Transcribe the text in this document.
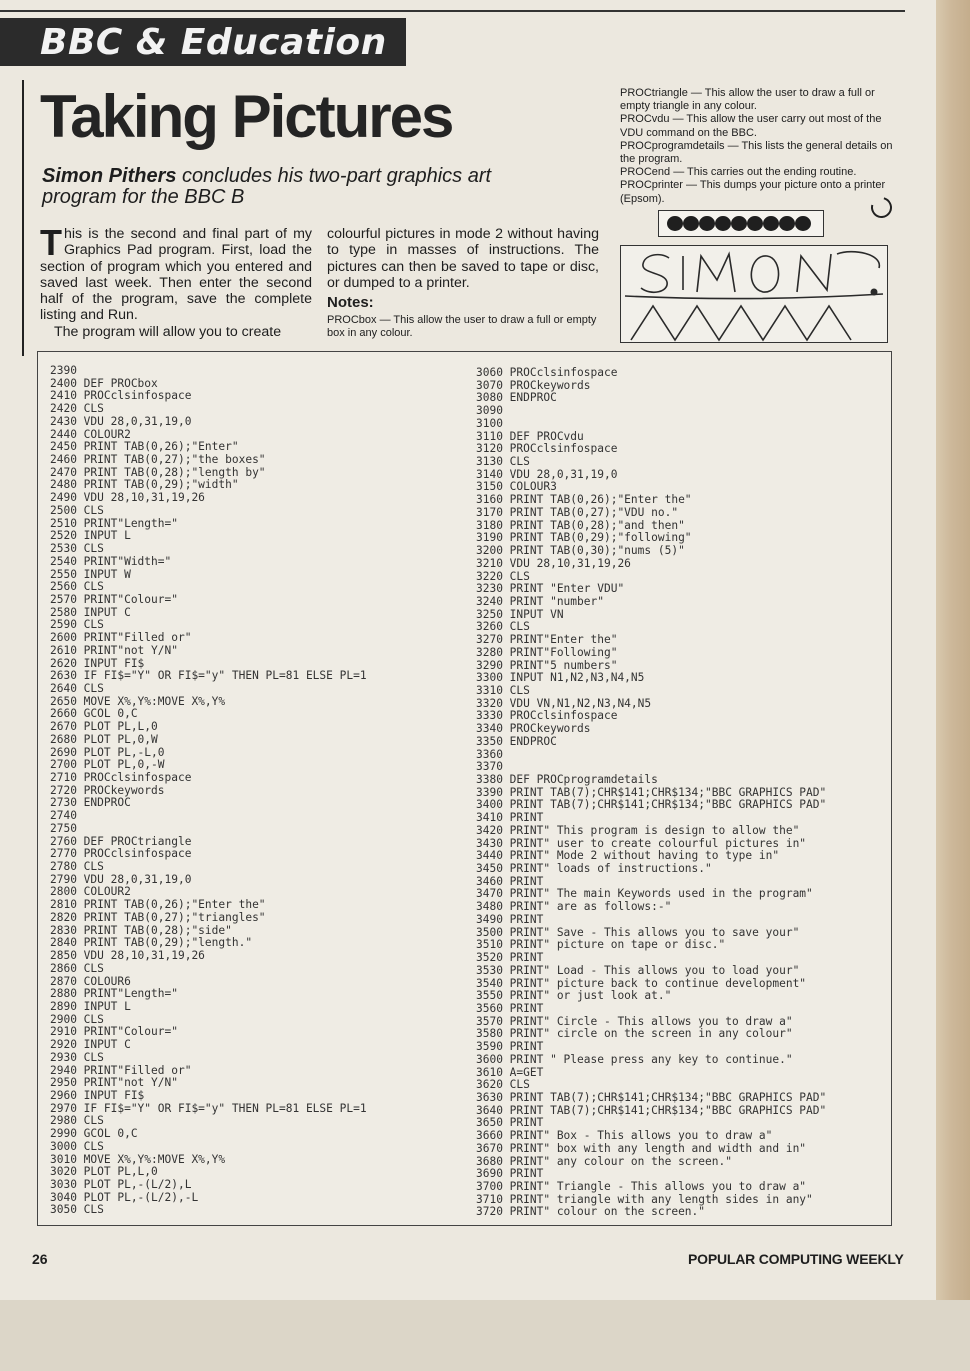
BBC & Education
Taking Pictures
Simon Pithers concludes his two-part graphics art program for the BBC B
This is the second and final part of my Graphics Pad program. First, load the section of program which you entered and saved last week. Then enter the second half of the program, save the complete listing and Run.
The program will allow you to create
colourful pictures in mode 2 without having to type in masses of instructions. The pictures can then be saved to tape or disc, or dumped to a printer.
Notes:
PROCbox — This allow the user to draw a full or empty box in any colour.

PROCtriangle — This allow the user to draw a full or empty triangle in any colour.

PROCvdu — This allow the user carry out most of the VDU command on the BBC.

PROCprogramdetails — This lists the general details on the program.

PROCend — This carries out the ending routine.

PROCprinter — This dumps your picture onto a printer (Epsom).

2390
2400 DEF PROCbox
2410 PROCclsinfospace
2420 CLS
2430 VDU 28,0,31,19,0
2440 COLOUR2
2450 PRINT TAB(0,26);"Enter"
2460 PRINT TAB(0,27);"the boxes"
2470 PRINT TAB(0,28);"length by"
2480 PRINT TAB(0,29);"width"
2490 VDU 28,10,31,19,26
2500 CLS
2510 PRINT"Length="
2520 INPUT L
2530 CLS
2540 PRINT"Width="
2550 INPUT W
2560 CLS
2570 PRINT"Colour="
2580 INPUT C
2590 CLS
2600 PRINT"Filled or"
2610 PRINT"not Y/N"
2620 INPUT FI$
2630 IF FI$="Y" OR FI$="y" THEN PL=81 ELSE PL=1
2640 CLS
2650 MOVE X%,Y%:MOVE X%,Y%
2660 GCOL 0,C
2670 PLOT PL,L,0
2680 PLOT PL,0,W
2690 PLOT PL,-L,0
2700 PLOT PL,0,-W
2710 PROCclsinfospace
2720 PROCkeywords
2730 ENDPROC
2740
2750
2760 DEF PROCtriangle
2770 PROCclsinfospace
2780 CLS
2790 VDU 28,0,31,19,0
2800 COLOUR2
2810 PRINT TAB(0,26);"Enter the"
2820 PRINT TAB(0,27);"triangles"
2830 PRINT TAB(0,28);"side"
2840 PRINT TAB(0,29);"length."
2850 VDU 28,10,31,19,26
2860 CLS
2870 COLOUR6
2880 PRINT"Length="
2890 INPUT L
2900 CLS
2910 PRINT"Colour="
2920 INPUT C
2930 CLS
2940 PRINT"Filled or"
2950 PRINT"not Y/N"
2960 INPUT FI$
2970 IF FI$="Y" OR FI$="y" THEN PL=81 ELSE PL=1
2980 CLS
2990 GCOL 0,C
3000 CLS
3010 MOVE X%,Y%:MOVE X%,Y%
3020 PLOT PL,L,0
3030 PLOT PL,-(L/2),L
3040 PLOT PL,-(L/2),-L
3050 CLS
3060 PROCclsinfospace
3070 PROCkeywords
3080 ENDPROC
3090
3100
3110 DEF PROCvdu
3120 PROCclsinfospace
3130 CLS
3140 VDU 28,0,31,19,0
3150 COLOUR3
3160 PRINT TAB(0,26);"Enter the"
3170 PRINT TAB(0,27);"VDU no."
3180 PRINT TAB(0,28);"and then"
3190 PRINT TAB(0,29);"following"
3200 PRINT TAB(0,30);"nums (5)"
3210 VDU 28,10,31,19,26
3220 CLS
3230 PRINT "Enter VDU"
3240 PRINT "number"
3250 INPUT VN
3260 CLS
3270 PRINT"Enter the"
3280 PRINT"Following"
3290 PRINT"5 numbers"
3300 INPUT N1,N2,N3,N4,N5
3310 CLS
3320 VDU VN,N1,N2,N3,N4,N5
3330 PROCclsinfospace
3340 PROCkeywords
3350 ENDPROC
3360
3370
3380 DEF PROCprogramdetails
3390 PRINT TAB(7);CHR$141;CHR$134;"BBC GRAPHICS PAD"
3400 PRINT TAB(7);CHR$141;CHR$134;"BBC GRAPHICS PAD"
3410 PRINT
3420 PRINT" This program is design to allow the"
3430 PRINT" user to create colourful pictures in"
3440 PRINT" Mode 2 without having to type in"
3450 PRINT" loads of instructions."
3460 PRINT
3470 PRINT" The main Keywords used in the program"
3480 PRINT" are as follows:-"
3490 PRINT
3500 PRINT" Save - This allows you to save your"
3510 PRINT" picture on tape or disc."
3520 PRINT
3530 PRINT" Load - This allows you to load your"
3540 PRINT" picture back to continue development"
3550 PRINT" or just look at."
3560 PRINT
3570 PRINT" Circle - This allows you to draw a"
3580 PRINT" circle on the screen in any colour"
3590 PRINT
3600 PRINT " Please press any key to continue."
3610 A=GET
3620 CLS
3630 PRINT TAB(7);CHR$141;CHR$134;"BBC GRAPHICS PAD"
3640 PRINT TAB(7);CHR$141;CHR$134;"BBC GRAPHICS PAD"
3650 PRINT
3660 PRINT" Box - This allows you to draw a"
3670 PRINT" box with any length and width and in"
3680 PRINT" any colour on the screen."
3690 PRINT
3700 PRINT" Triangle - This allows you to draw a"
3710 PRINT" triangle with any length sides in any"
3720 PRINT" colour on the screen."
26	POPULAR COMPUTING WEEKLY
